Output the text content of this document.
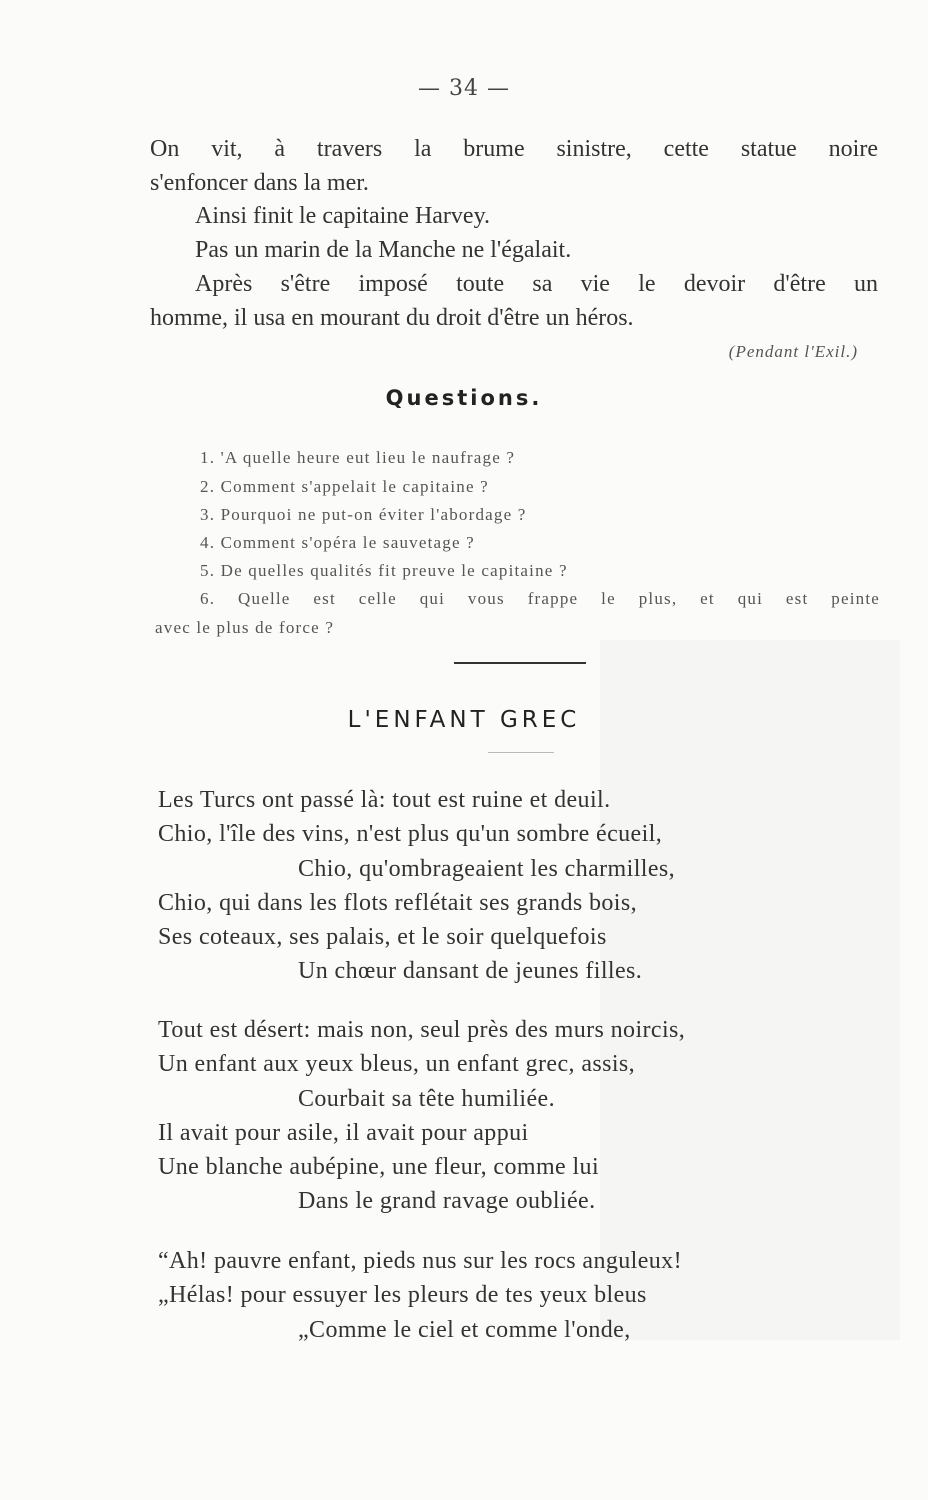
— 34 —
On vit, à travers la brume sinistre, cette statue noire
s'enfoncer dans la mer.
Ainsi finit le capitaine Harvey.
Pas un marin de la Manche ne l'égalait.
Après s'être imposé toute sa vie le devoir d'être un
homme, il usa en mourant du droit d'être un héros.
(Pendant l'Exil.)
Questions.
1. 'A quelle heure eut lieu le naufrage ?
2. Comment s'appelait le capitaine ?
3. Pourquoi ne put-on éviter l'abordage ?
4. Comment s'opéra le sauvetage ?
5. De quelles qualités fit preuve le capitaine ?
6. Quelle est celle qui vous frappe le plus, et qui est peinte
avec le plus de force ?
L'ENFANT GREC
Les Turcs ont passé là: tout est ruine et deuil.
Chio, l'île des vins, n'est plus qu'un sombre écueil,
Chio, qu'ombrageaient les charmilles,
Chio, qui dans les flots reflétait ses grands bois,
Ses coteaux, ses palais, et le soir quelquefois
Un chœur dansant de jeunes filles.
Tout est désert: mais non, seul près des murs noircis,
Un enfant aux yeux bleus, un enfant grec, assis,
Courbait sa tête humiliée.
Il avait pour asile, il avait pour appui
Une blanche aubépine, une fleur, comme lui
Dans le grand ravage oubliée.
“Ah! pauvre enfant, pieds nus sur les rocs anguleux!
„Hélas! pour essuyer les pleurs de tes yeux bleus
„Comme le ciel et comme l'onde,
